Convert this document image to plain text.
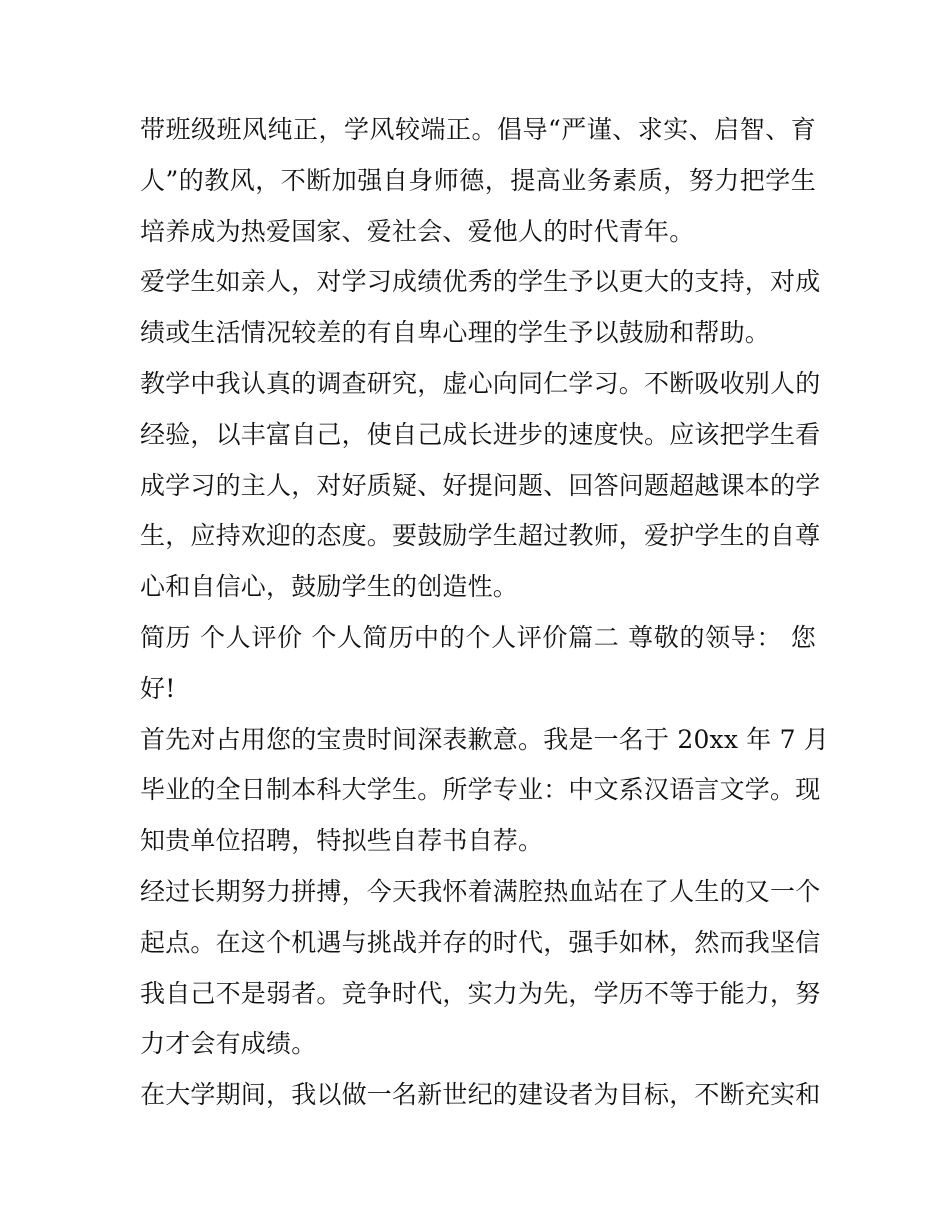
带班级班风纯正，学风较端正。倡导“严谨、求实、启智、育
人”的教风，不断加强自身师德，提高业务素质，努力把学生
培养成为热爱国家、爱社会、爱他人的时代青年。
爱学生如亲人，对学习成绩优秀的学生予以更大的支持，对成
绩或生活情况较差的有自卑心理的学生予以鼓励和帮助。
教学中我认真的调查研究，虚心向同仁学习。不断吸收别人的
经验，以丰富自己，使自己成长进步的速度快。应该把学生看
成学习的主人，对好质疑、好提问题、回答问题超越课本的学
生，应持欢迎的态度。要鼓励学生超过教师，爱护学生的自尊
心和自信心，鼓励学生的创造性。
简历 个人评价 个人简历中的个人评价篇二 尊敬的领导： 您
好!
首先对占用您的宝贵时间深表歉意。我是一名于 20xx 年 7 月
毕业的全日制本科大学生。所学专业：中文系汉语言文学。现
知贵单位招聘，特拟些自荐书自荐。
经过长期努力拼搏，今天我怀着满腔热血站在了人生的又一个
起点。在这个机遇与挑战并存的时代，强手如林，然而我坚信
我自己不是弱者。竞争时代，实力为先，学历不等于能力，努
力才会有成绩。
在大学期间，我以做一名新世纪的建设者为目标，不断充实和
